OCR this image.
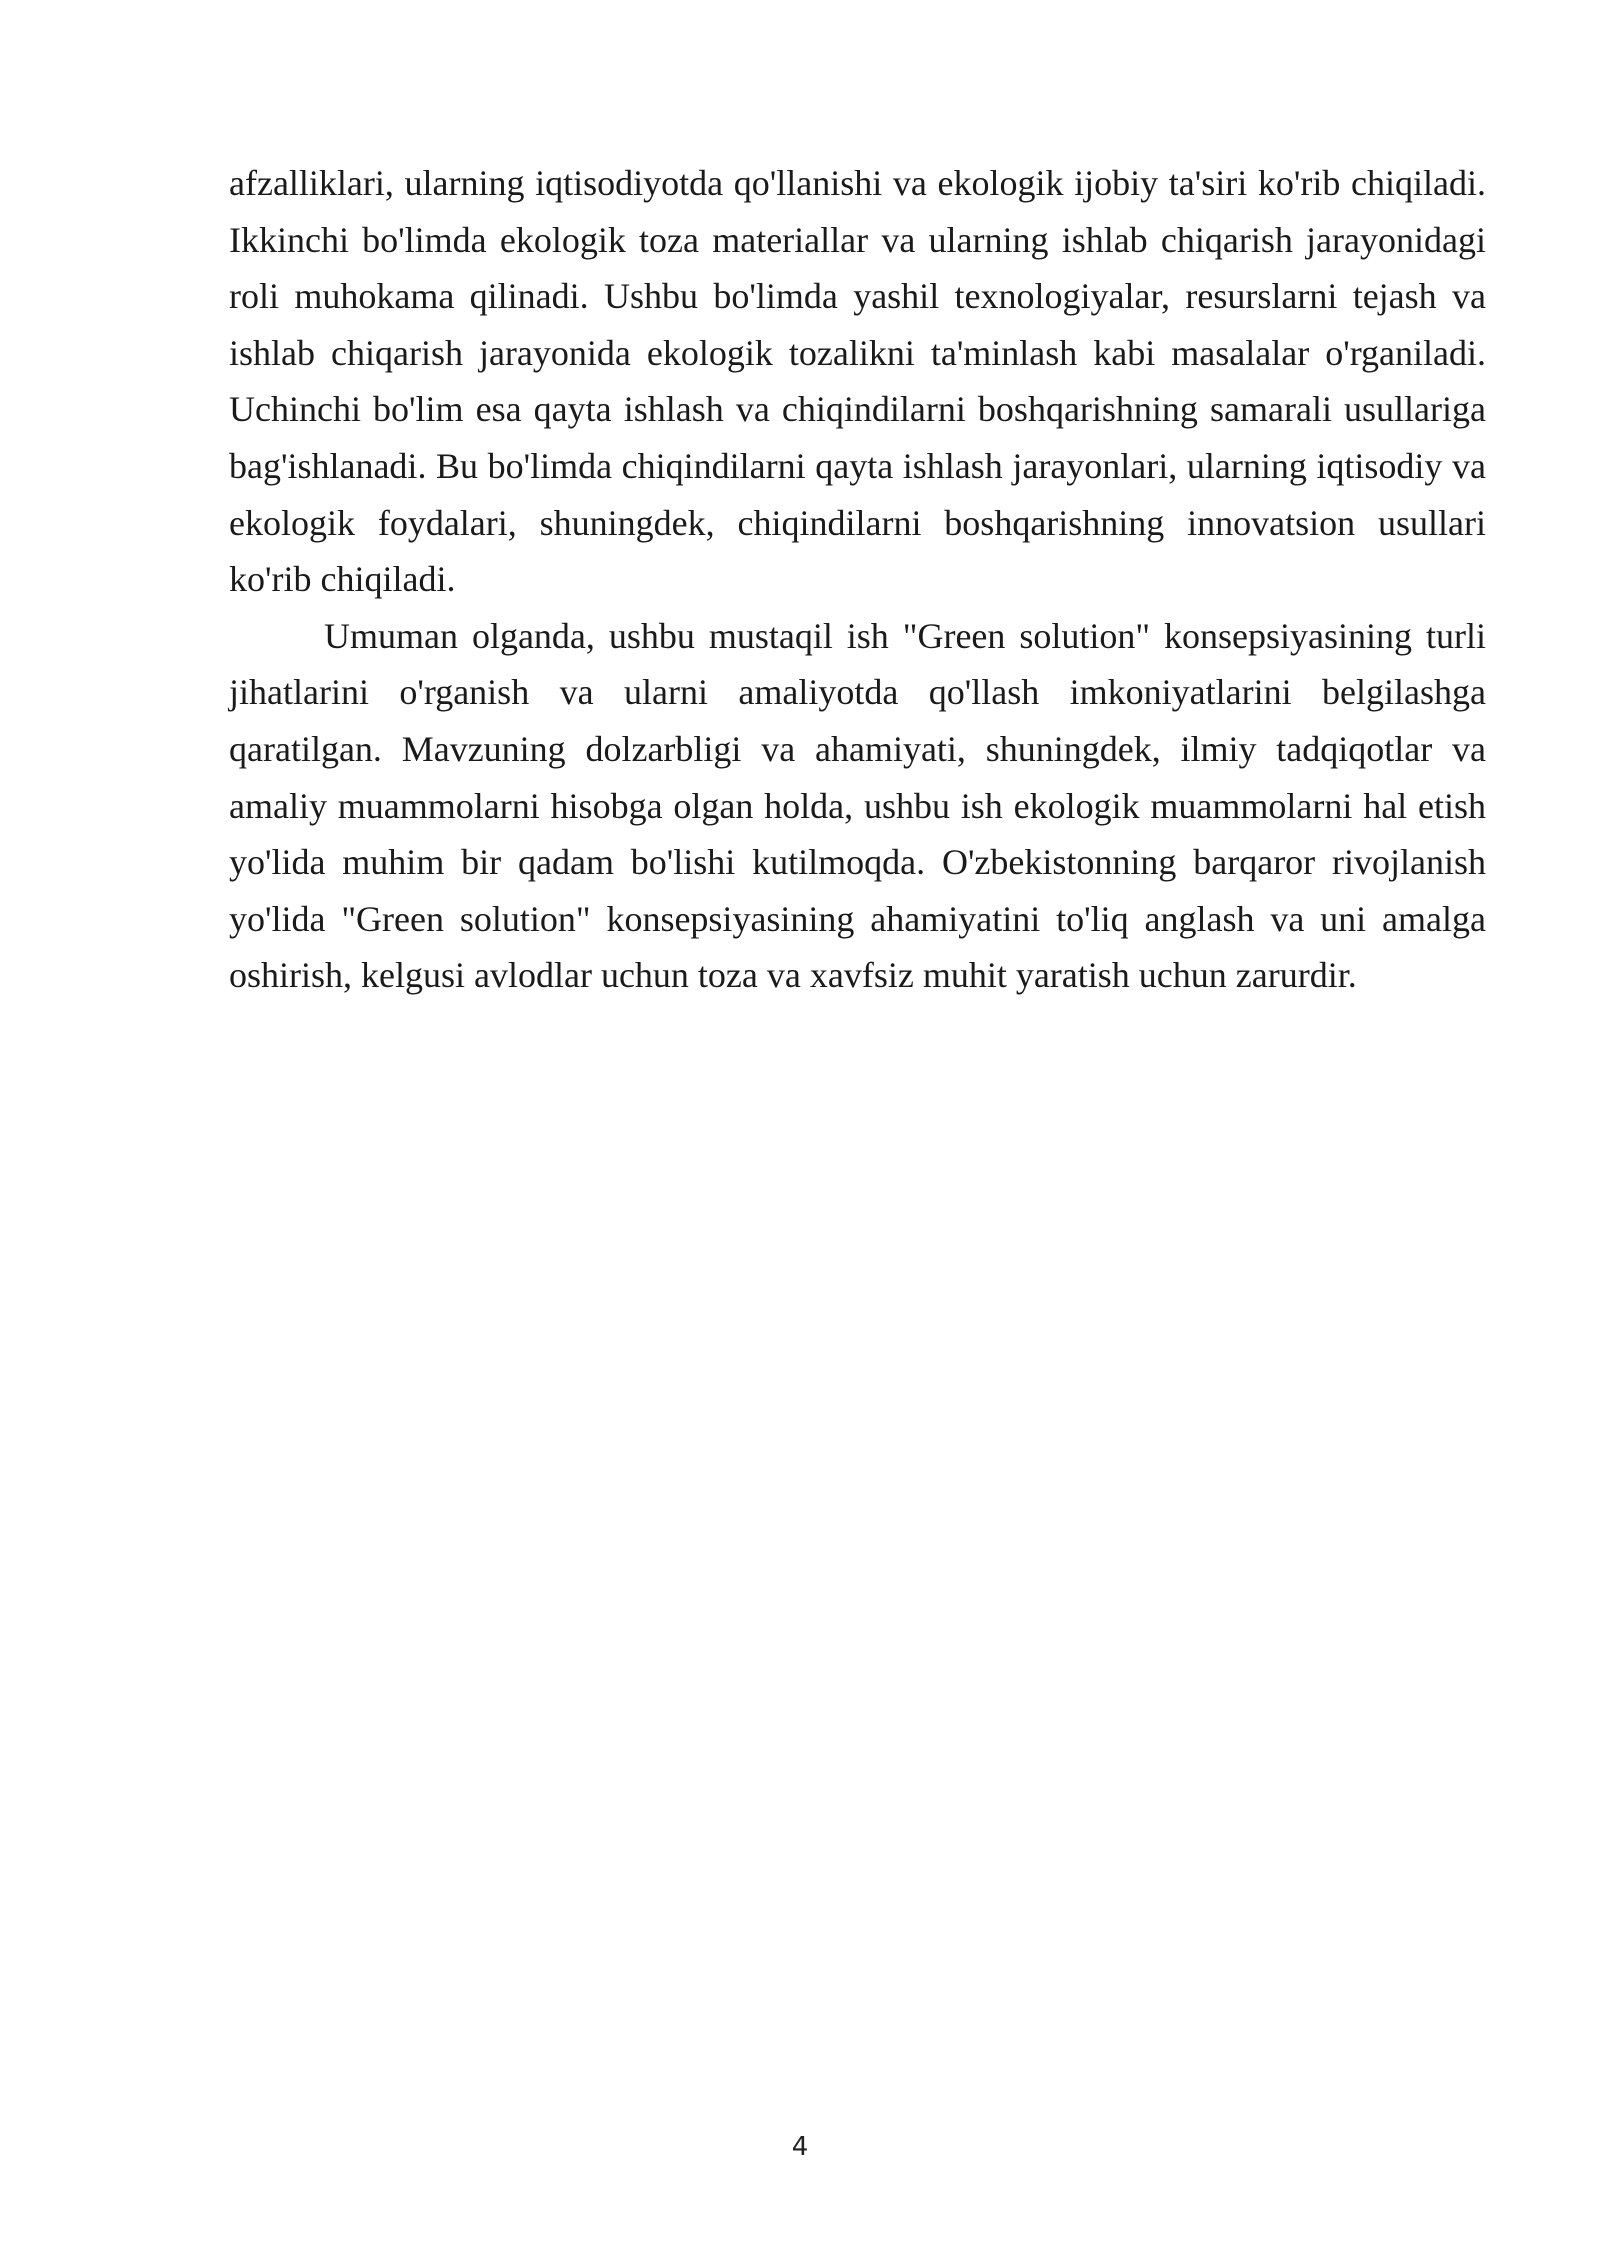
afzalliklari, ularning iqtisodiyotda qo'llanishi va ekologik ijobiy ta'siri ko'rib chiqiladi. Ikkinchi bo'limda ekologik toza materiallar va ularning ishlab chiqarish jarayonidagi roli muhokama qilinadi. Ushbu bo'limda yashil texnologiyalar, resurslarni tejash va ishlab chiqarish jarayonida ekologik tozalikni ta'minlash kabi masalalar o'rganiladi. Uchinchi bo'lim esa qayta ishlash va chiqindilarni boshqarishning samarali usullariga bag'ishlanadi. Bu bo'limda chiqindilarni qayta ishlash jarayonlari, ularning iqtisodiy va ekologik foydalari, shuningdek, chiqindilarni boshqarishning innovatsion usullari ko'rib chiqiladi.

Umuman olganda, ushbu mustaqil ish "Green solution" konsepsiyasining turli jihatlarini o'rganish va ularni amaliyotda qo'llash imkoniyatlarini belgilashga qaratilgan. Mavzuning dolzarbligi va ahamiyati, shuningdek, ilmiy tadqiqotlar va amaliy muammolarni hisobga olgan holda, ushbu ish ekologik muammolarni hal etish yo'lida muhim bir qadam bo'lishi kutilmoqda. O'zbekistonning barqaror rivojlanish yo'lida "Green solution" konsepsiyasining ahamiyatini to'liq anglash va uni amalga oshirish, kelgusi avlodlar uchun toza va xavfsiz muhit yaratish uchun zarurdir.

4
